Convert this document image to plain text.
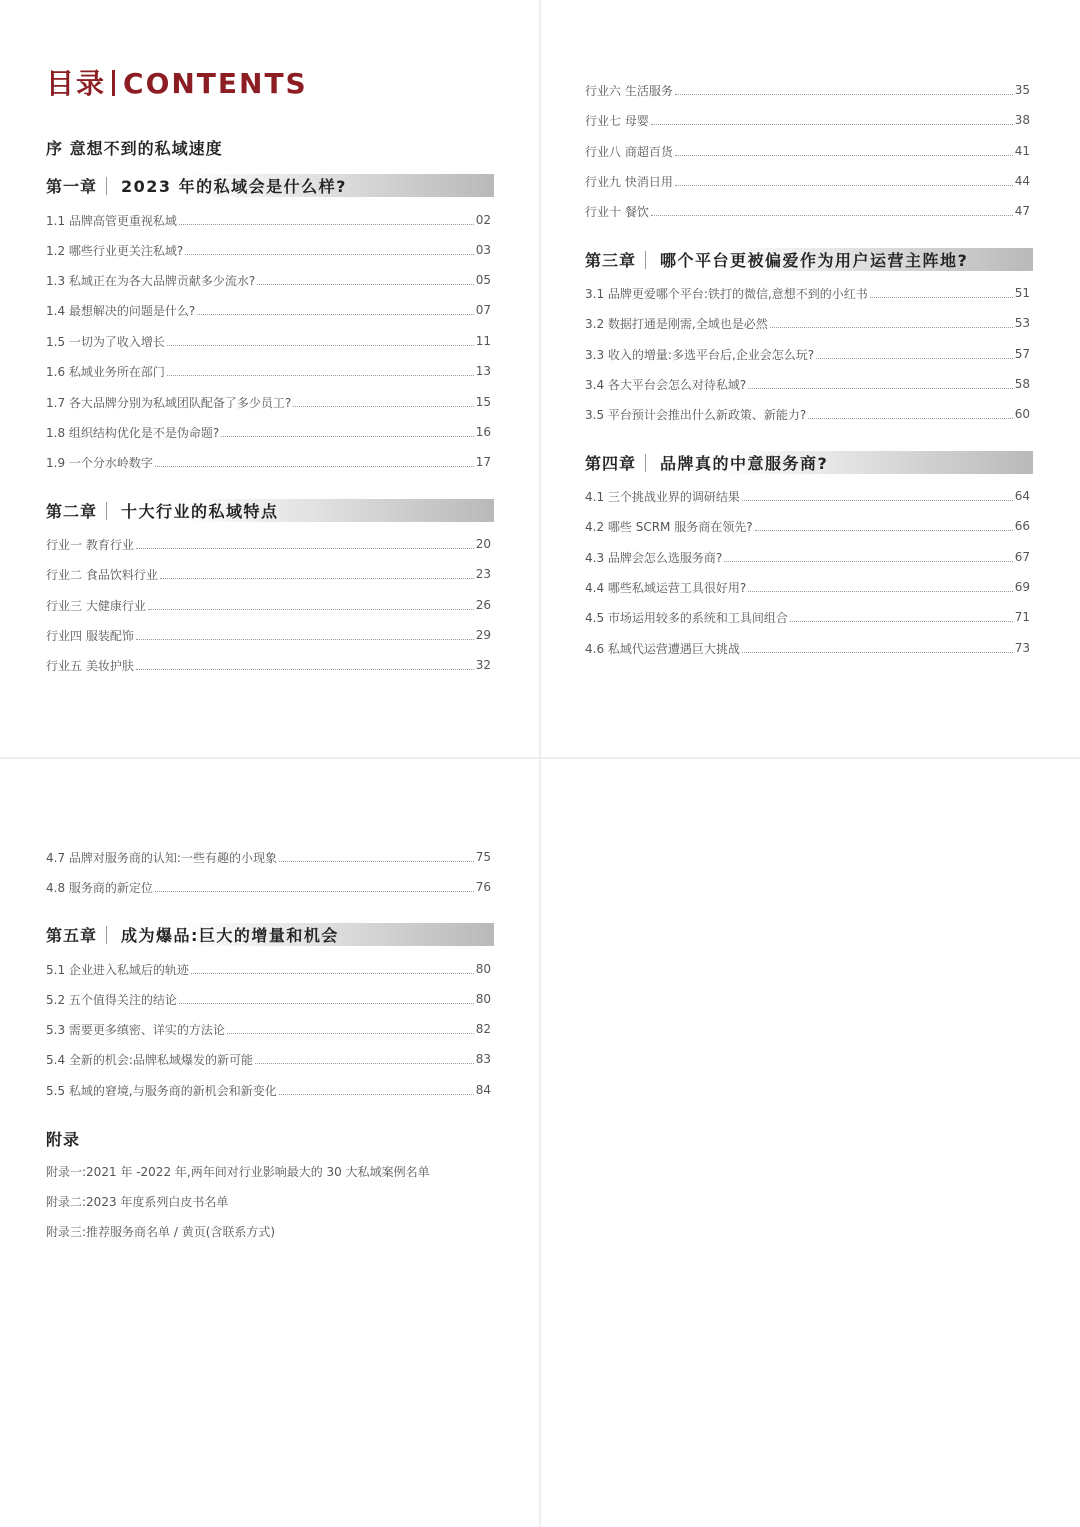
目录 CONTENTS
序 意想不到的私域速度
第一章 2023 年的私域会是什么样?
1.1 品牌高管更重视私域	02
1.2 哪些行业更关注私域?	03
1.3 私域正在为各大品牌贡献多少流水?	05
1.4 最想解决的问题是什么?	07
1.5 一切为了收入增长	11
1.6 私域业务所在部门	13
1.7 各大品牌分别为私域团队配备了多少员工?	15
1.8 组织结构优化是不是伪命题?	16
1.9 一个分水岭数字	17
第二章 十大行业的私域特点
行业一 教育行业	20
行业二 食品饮料行业	23
行业三 大健康行业	26
行业四 服装配饰	29
行业五 美妆护肤	32
行业六 生活服务	35
行业七 母婴	38
行业八 商超百货	41
行业九 快消日用	44
行业十 餐饮	47
第三章 哪个平台更被偏爱作为用户运营主阵地?
3.1 品牌更爱哪个平台:铁打的微信,意想不到的小红书	51
3.2 数据打通是刚需,全域也是必然	53
3.3 收入的增量:多选平台后,企业会怎么玩?	57
3.4 各大平台会怎么对待私域?	58
3.5 平台预计会推出什么新政策、新能力?	60
第四章 品牌真的中意服务商?
4.1 三个挑战业界的调研结果	64
4.2 哪些 SCRM 服务商在领先?	66
4.3 品牌会怎么选服务商?	67
4.4 哪些私域运营工具很好用?	69
4.5 市场运用较多的系统和工具间组合	71
4.6 私域代运营遭遇巨大挑战	73
4.7 品牌对服务商的认知:一些有趣的小现象	75
4.8 服务商的新定位	76
第五章 成为爆品:巨大的增量和机会
5.1 企业进入私域后的轨迹	80
5.2 五个值得关注的结论	80
5.3 需要更多缜密、详实的方法论	82
5.4 全新的机会:品牌私域爆发的新可能	83
5.5 私域的窘境,与服务商的新机会和新变化	84
附录
附录一:2021 年 -2022 年,两年间对行业影响最大的 30 大私域案例名单
附录二:2023 年度系列白皮书名单
附录三:推荐服务商名单 / 黄页(含联系方式)
